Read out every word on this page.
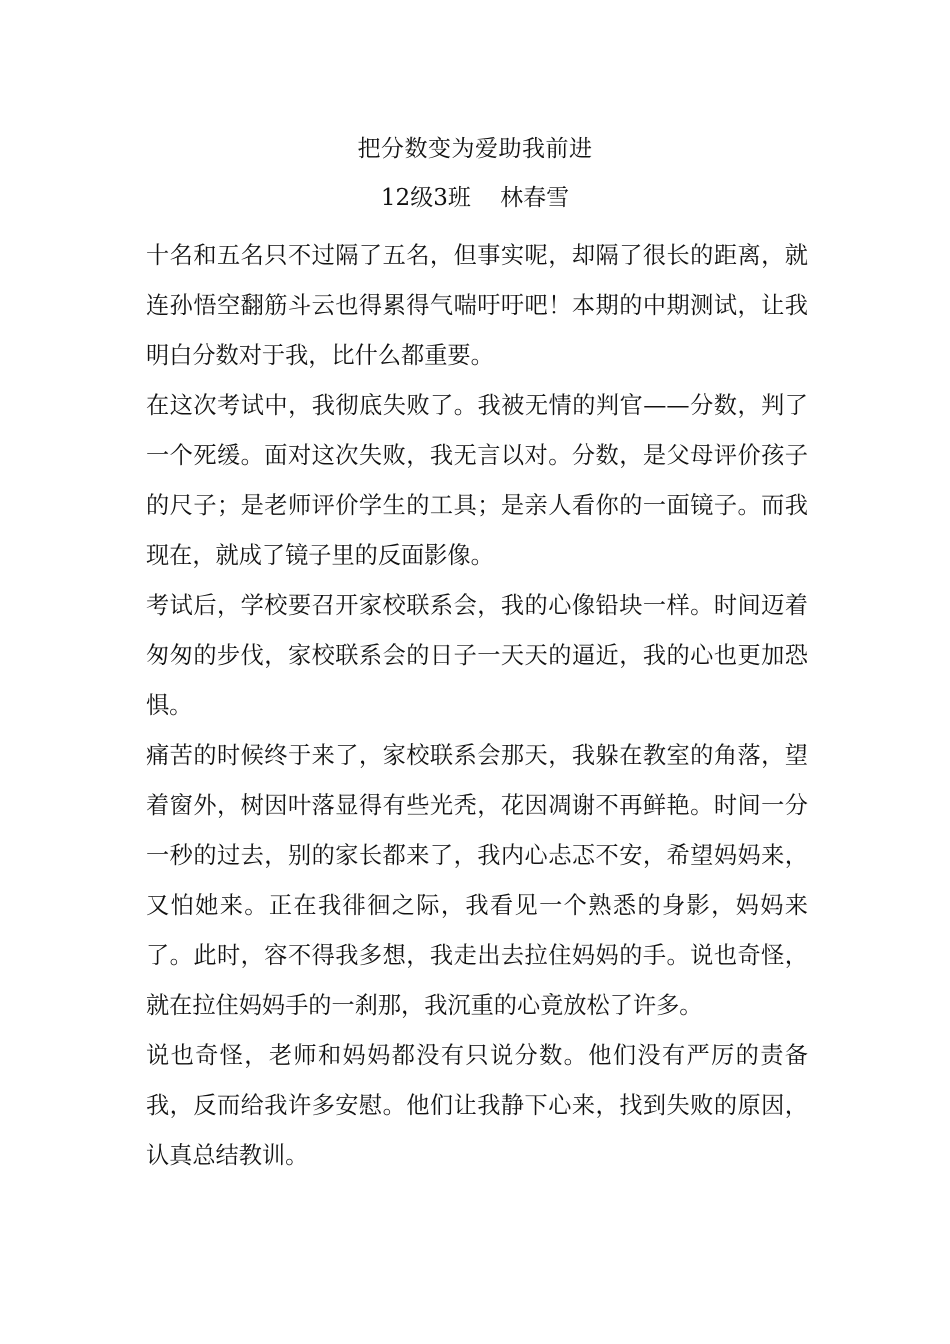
把分数变为爱助我前进
12级3班    林春雪

十名和五名只不过隔了五名，但事实呢，却隔了很长的距离，就连孙悟空翻筋斗云也得累得气喘吁吁吧！本期的中期测试，让我明白分数对于我，比什么都重要。

在这次考试中，我彻底失败了。我被无情的判官——分数，判了一个死缓。面对这次失败，我无言以对。分数，是父母评价孩子的尺子；是老师评价学生的工具；是亲人看你的一面镜子。而我现在，就成了镜子里的反面影像。

考试后，学校要召开家校联系会，我的心像铅块一样。时间迈着匆匆的步伐，家校联系会的日子一天天的逼近，我的心也更加恐惧。

痛苦的时候终于来了，家校联系会那天，我躲在教室的角落，望着窗外，树因叶落显得有些光秃，花因凋谢不再鲜艳。时间一分一秒的过去，别的家长都来了，我内心忐忑不安，希望妈妈来，又怕她来。正在我徘徊之际，我看见一个熟悉的身影，妈妈来了。此时，容不得我多想，我走出去拉住妈妈的手。说也奇怪，就在拉住妈妈手的一刹那，我沉重的心竟放松了许多。

说也奇怪，老师和妈妈都没有只说分数。他们没有严厉的责备我，反而给我许多安慰。他们让我静下心来，找到失败的原因，认真总结教训。
